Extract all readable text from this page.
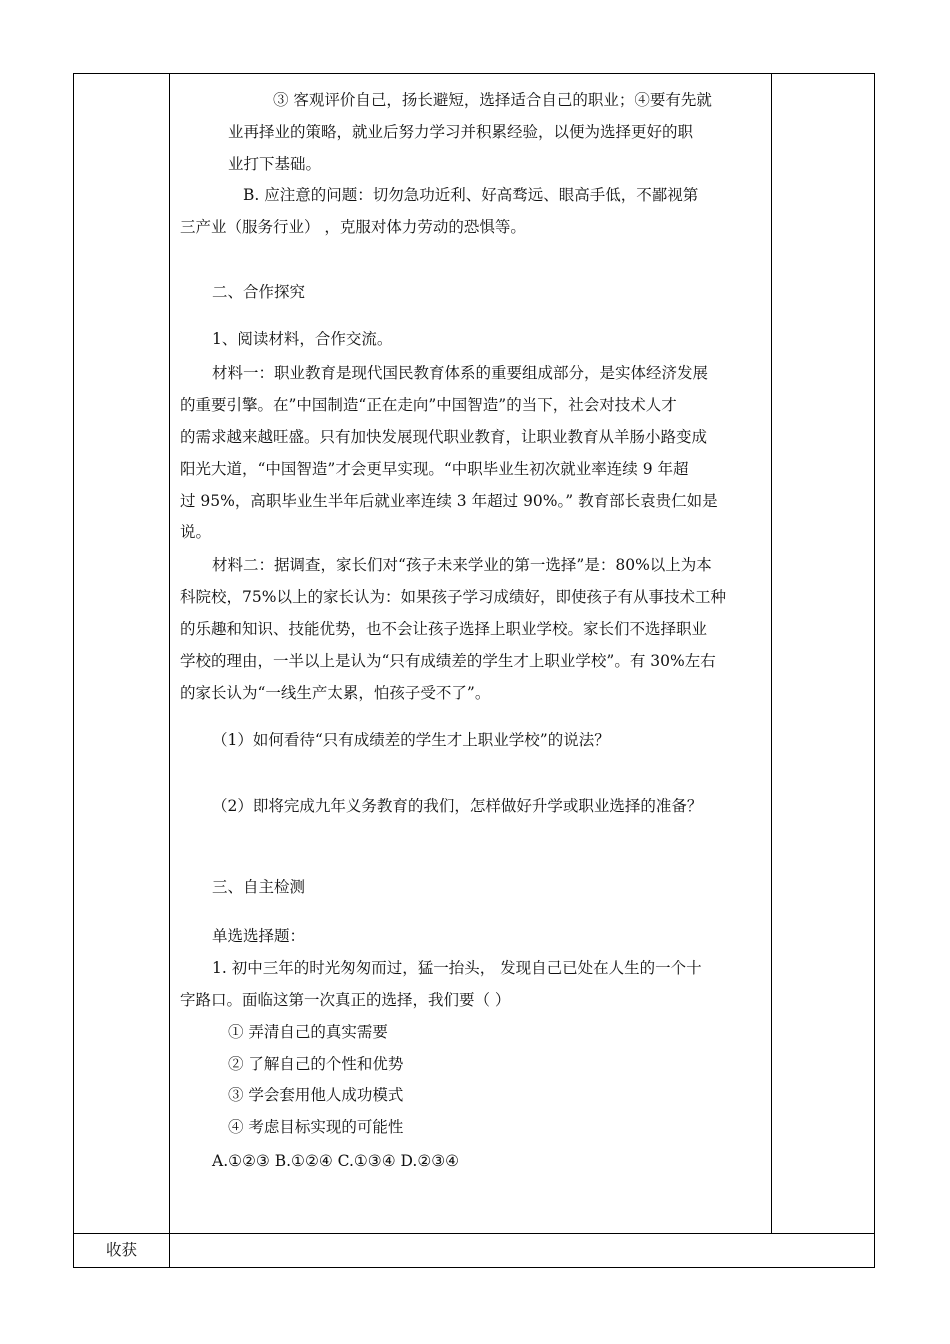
③ 客观评价自己，扬长避短，选择适合自己的职业；④要有先就
业再择业的策略，就业后努力学习并积累经验，以便为选择更好的职
业打下基础。
B. 应注意的问题：切勿急功近利、好高骛远、眼高手低，不鄙视第
三产业（服务行业） ，克服对体力劳动的恐惧等。
二、合作探究
1、阅读材料，合作交流。
材料一：职业教育是现代国民教育体系的重要组成部分，是实体经济发展
的重要引擎。在”中国制造“正在走向”中国智造”的当下，社会对技术人才
的需求越来越旺盛。只有加快发展现代职业教育，让职业教育从羊肠小路变成
阳光大道，“中国智造”才会更早实现。“中职毕业生初次就业率连续 9 年超
过 95%，高职毕业生半年后就业率连续 3 年超过 90%。” 教育部长袁贵仁如是
说。
材料二：据调查，家长们对“孩子未来学业的第一选择”是：80%以上为本
科院校，75%以上的家长认为：如果孩子学习成绩好，即使孩子有从事技术工种
的乐趣和知识、技能优势，也不会让孩子选择上职业学校。家长们不选择职业
学校的理由，一半以上是认为“只有成绩差的学生才上职业学校”。有 30%左右
的家长认为“一线生产太累，怕孩子受不了”。
（1）如何看待“只有成绩差的学生才上职业学校”的说法？
（2）即将完成九年义务教育的我们，怎样做好升学或职业选择的准备？
三、自主检测
单选选择题：
1. 初中三年的时光匆匆而过，猛一抬头， 发现自己已处在人生的一个十
字路口。面临这第一次真正的选择，我们要（ ）
① 弄清自己的真实需要
② 了解自己的个性和优势
③ 学会套用他人成功模式
④ 考虑目标实现的可能性
A.①②③ B.①②④ C.①③④ D.②③④
收获
